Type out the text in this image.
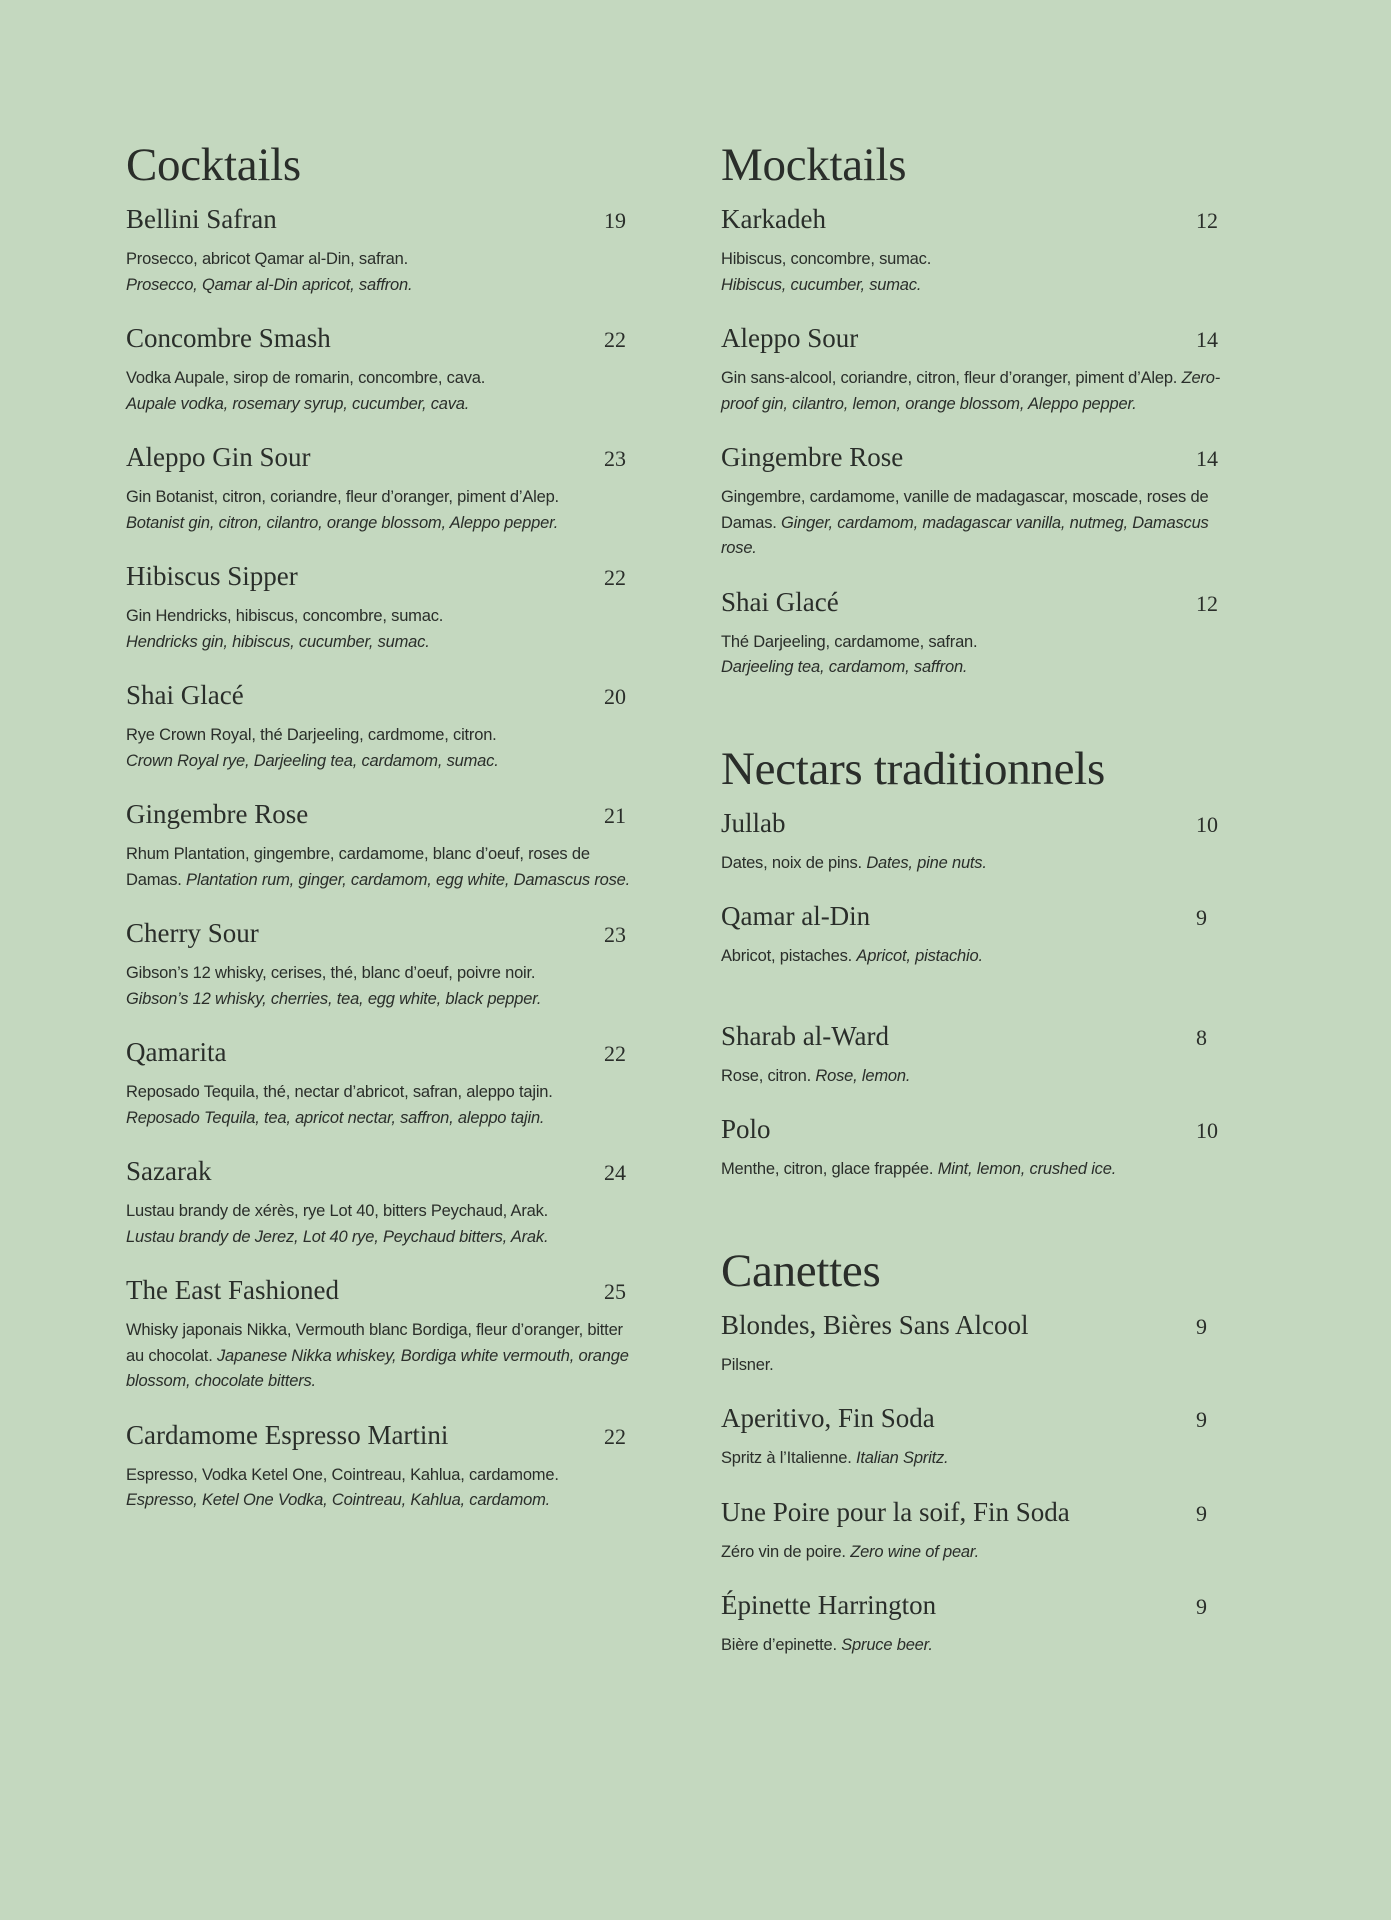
Cocktails
Bellini Safran	19
Prosecco, abricot Qamar al-Din, safran.
Prosecco, Qamar al-Din apricot, saffron.
Concombre Smash	22
Vodka Aupale, sirop de romarin, concombre, cava.
Aupale vodka, rosemary syrup, cucumber, cava.
Aleppo Gin Sour	23
Gin Botanist, citron, coriandre, fleur d’oranger, piment d’Alep.
Botanist gin, citron, cilantro, orange blossom, Aleppo pepper.
Hibiscus Sipper	22
Gin Hendricks, hibiscus, concombre, sumac.
Hendricks gin, hibiscus, cucumber, sumac.
Shai Glacé	20
Rye Crown Royal, thé Darjeeling, cardmome, citron.
Crown Royal rye, Darjeeling tea, cardamom, sumac.
Gingembre Rose	21
Rhum Plantation, gingembre, cardamome, blanc d’oeuf, roses de Damas. Plantation rum, ginger, cardamom, egg white, Damascus rose.
Cherry Sour	23
Gibson’s 12 whisky, cerises, thé, blanc d’oeuf, poivre noir.
Gibson’s 12 whisky, cherries, tea, egg white, black pepper.
Qamarita	22
Reposado Tequila, thé, nectar d’abricot, safran, aleppo tajin.
Reposado Tequila, tea, apricot nectar, saffron, aleppo tajin.
Sazarak	24
Lustau brandy de xérès, rye Lot 40, bitters Peychaud, Arak.
Lustau brandy de Jerez, Lot 40 rye, Peychaud bitters, Arak.
The East Fashioned	25
Whisky japonais Nikka, Vermouth blanc Bordiga, fleur d’oranger, bitter au chocolat. Japanese Nikka whiskey, Bordiga white vermouth, orange blossom, chocolate bitters.
Cardamome Espresso Martini	22
Espresso, Vodka Ketel One, Cointreau, Kahlua, cardamome.
Espresso, Ketel One Vodka, Cointreau, Kahlua, cardamom.
Mocktails
Karkadeh	12
Hibiscus, concombre, sumac.
Hibiscus, cucumber, sumac.
Aleppo Sour	14
Gin sans-alcool, coriandre, citron, fleur d’oranger, piment d’Alep. Zero-proof gin, cilantro, lemon, orange blossom, Aleppo pepper.
Gingembre Rose	14
Gingembre, cardamome, vanille de madagascar, moscade, roses de Damas. Ginger, cardamom, madagascar vanilla, nutmeg, Damascus rose.
Shai Glacé	12
Thé Darjeeling, cardamome, safran.
Darjeeling tea, cardamom, saffron.
Nectars traditionnels
Jullab	10
Dates, noix de pins. Dates, pine nuts.
Qamar al-Din	9
Abricot, pistaches. Apricot, pistachio.
Sharab al-Ward	8
Rose, citron. Rose, lemon.
Polo	10
Menthe, citron, glace frappée. Mint, lemon, crushed ice.
Canettes
Blondes, Bières Sans Alcool	9
Pilsner.
Aperitivo, Fin Soda	9
Spritz à l’Italienne. Italian Spritz.
Une Poire pour la soif, Fin Soda	9
Zéro vin de poire. Zero wine of pear.
Épinette Harrington	9
Bière d’epinette. Spruce beer.
